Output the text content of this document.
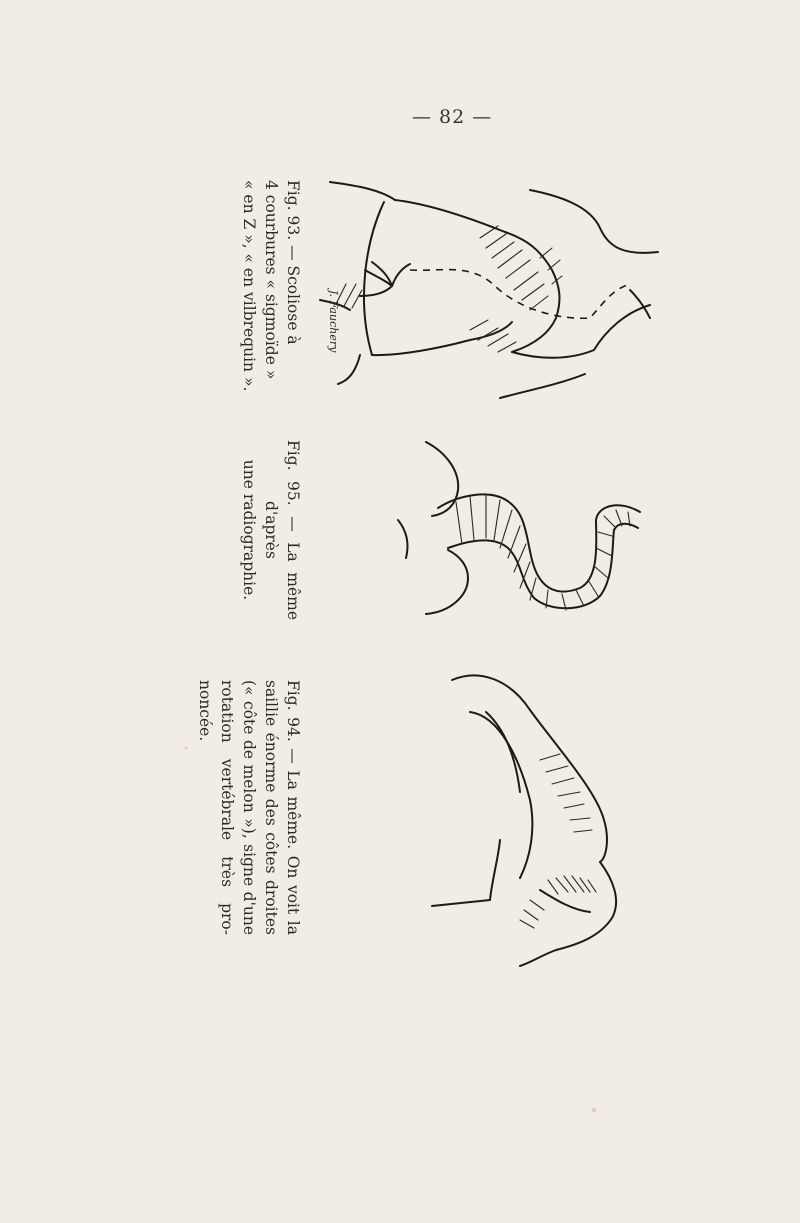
— 82 —
Fig. 93. — Scoliose à
4 courbures « sigmoïde »
« en Z », « en vilbrequin ».
Fig. 95. — La même
d'après
une radiographie.
Fig. 94. — La même. On voit la
saillie énorme des côtes droites
(« côte de melon »), signe d'une
rotation vertébrale très pro-
noncée.
J. Fauchery
